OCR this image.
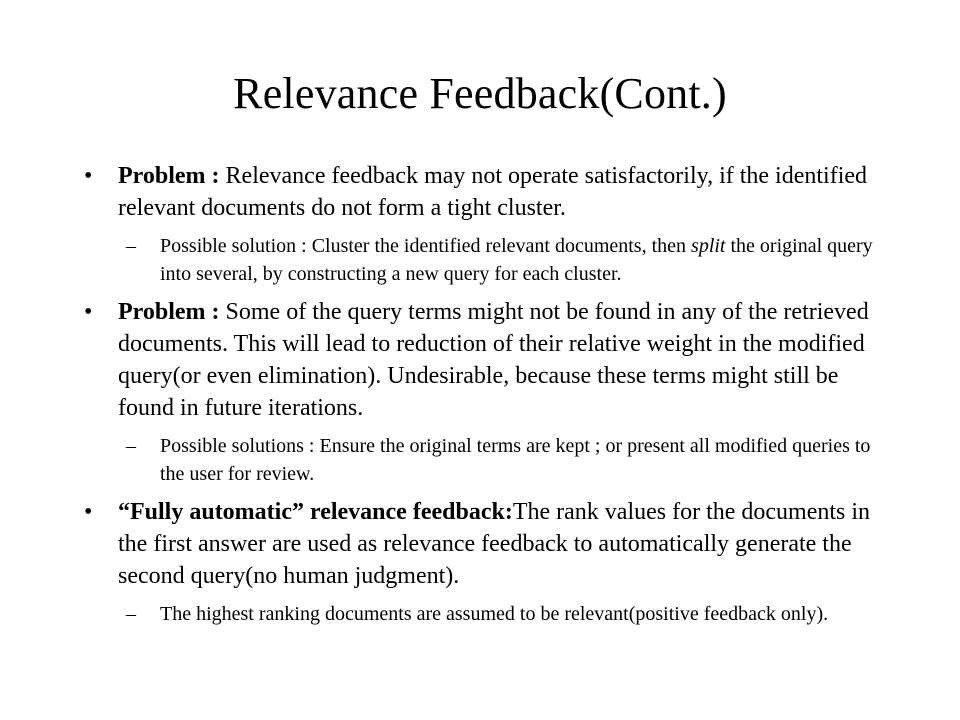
Relevance Feedback(Cont.)

• Problem : Relevance feedback may not operate satisfactorily, if the identified relevant documents do not form a tight cluster.

– Possible solution : Cluster the identified relevant documents, then split the original query into several, by constructing a new query for each cluster.

• Problem : Some of the query terms might not be found in any of the retrieved documents. This will lead to reduction of their relative weight in the modified query(or even elimination). Undesirable, because these terms might still be found in future iterations.

– Possible solutions : Ensure the original terms are kept ; or present all modified queries to the user for review.

• “Fully automatic” relevance feedback:The rank values for the documents in the first answer are used as relevance feedback to automatically generate the second query(no human judgment).

– The highest ranking documents are assumed to be relevant(positive feedback only).
